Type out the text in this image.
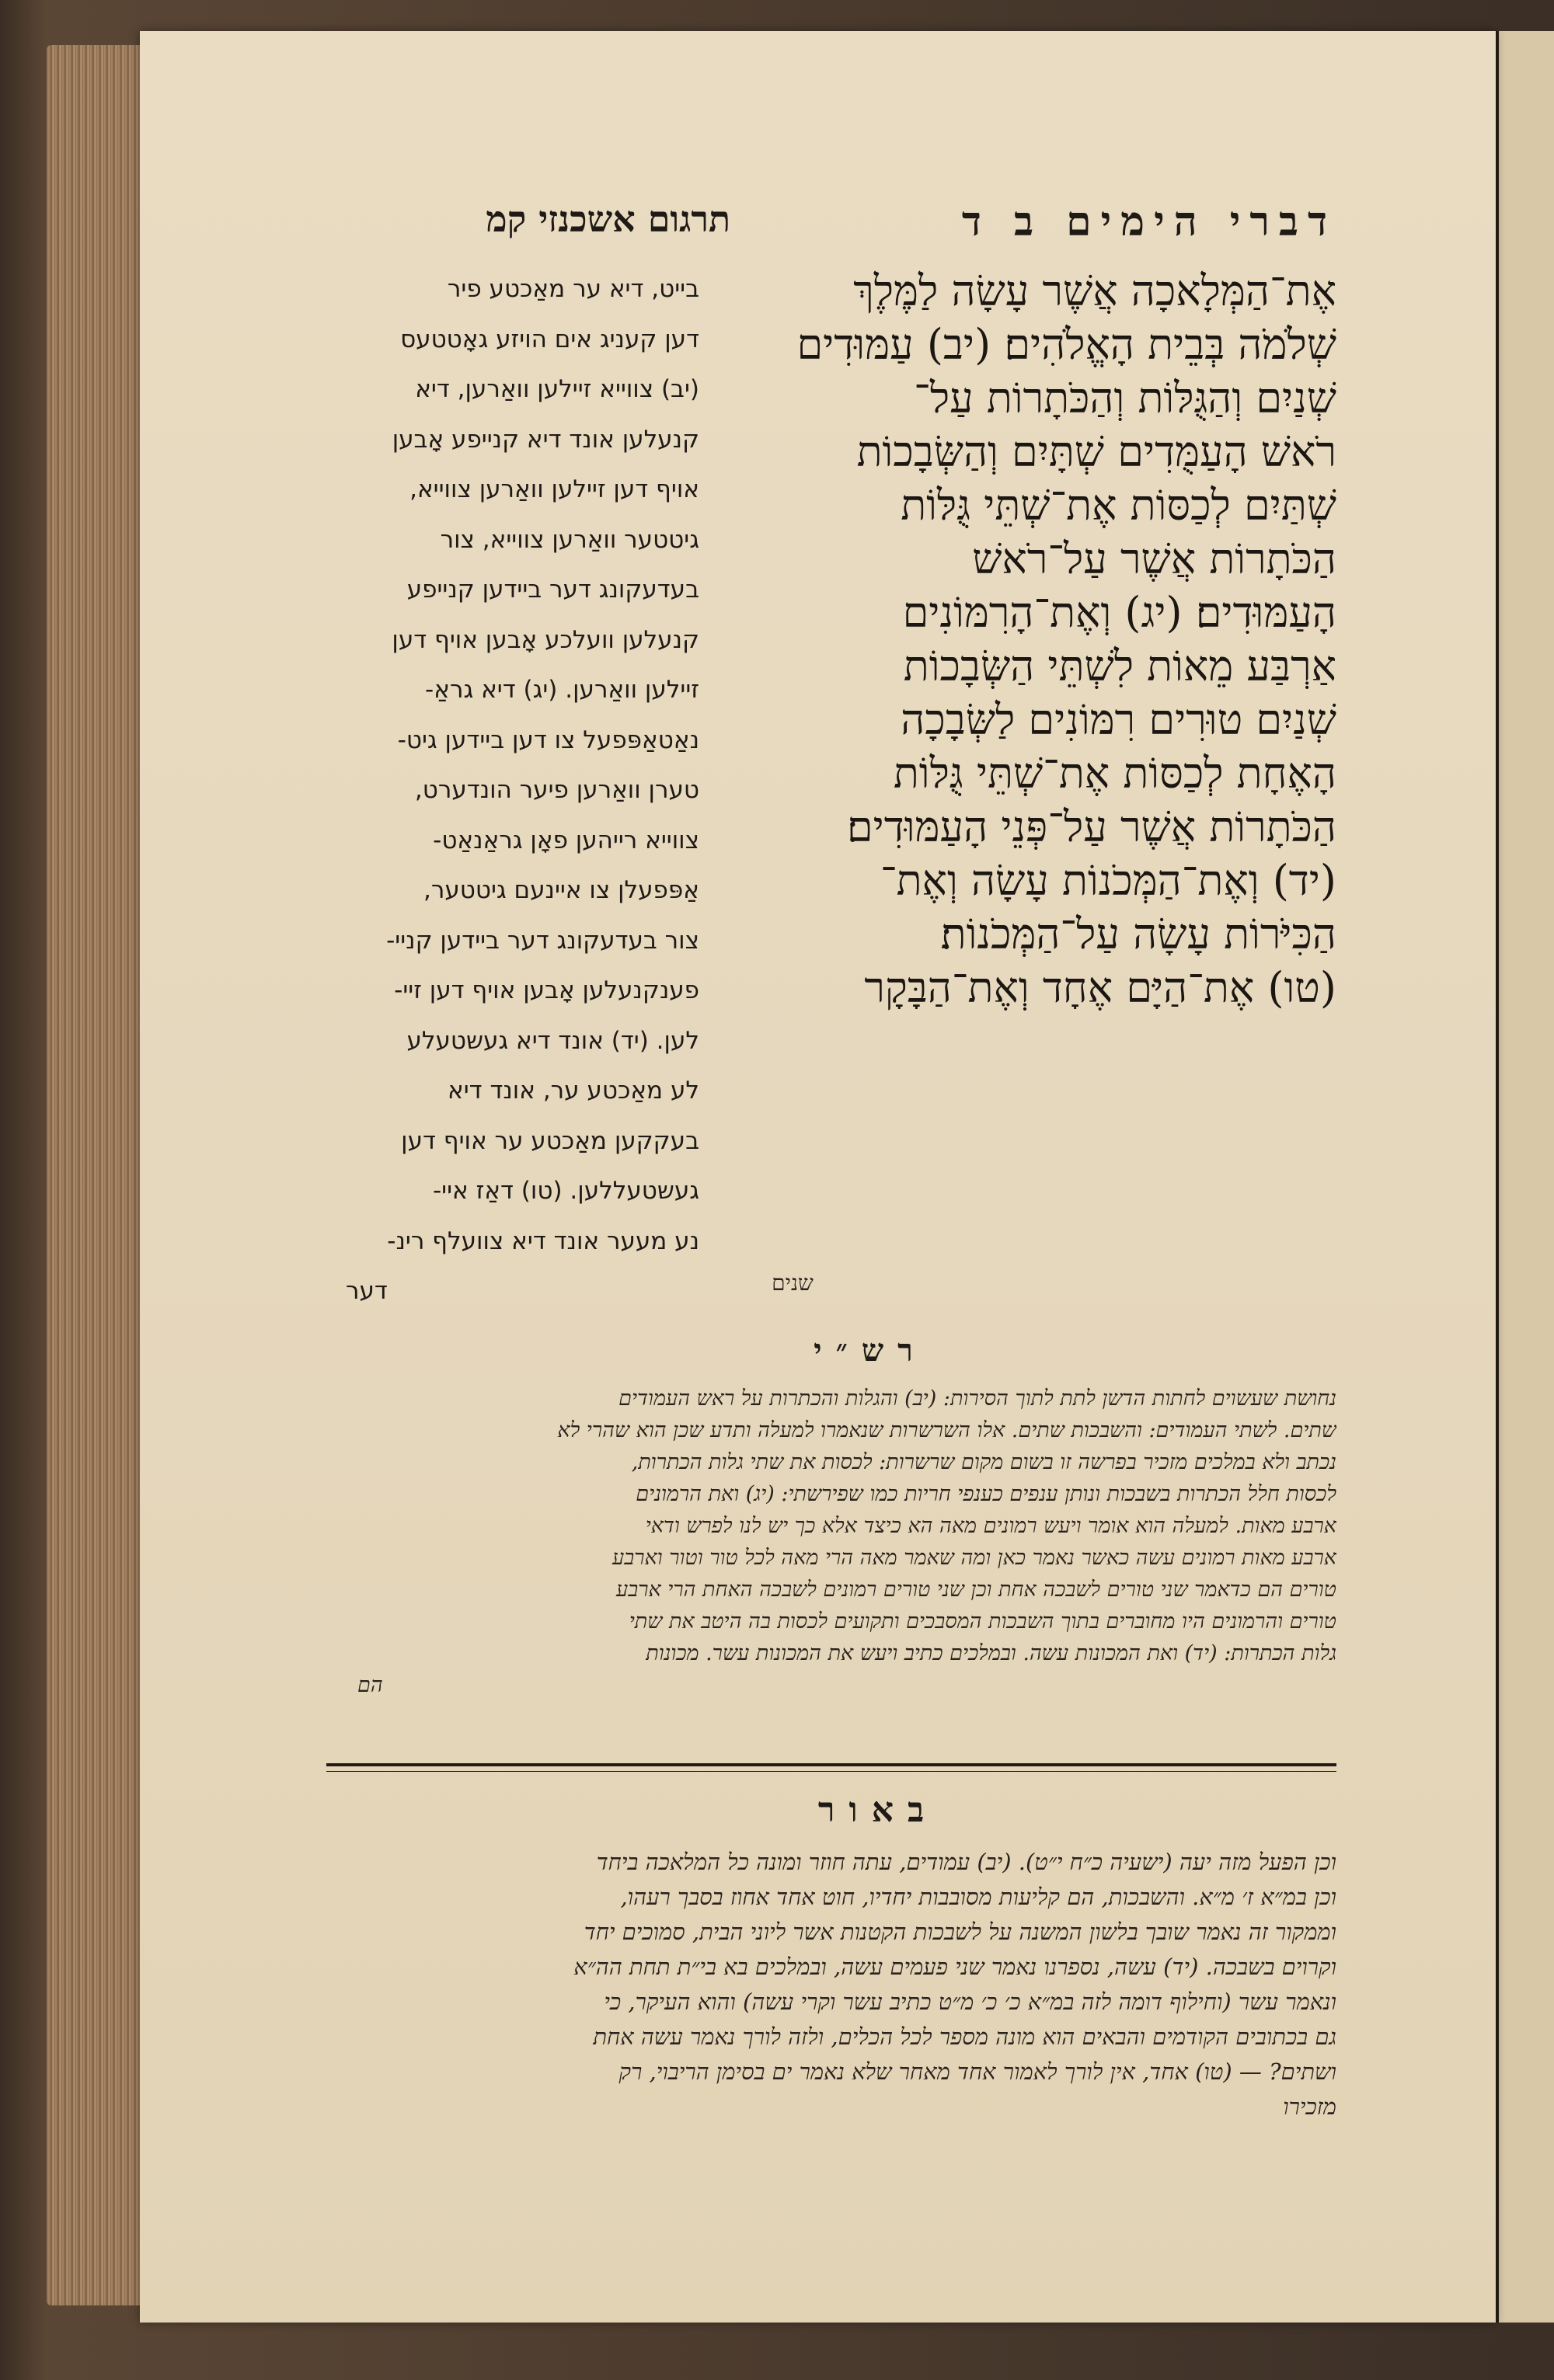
דברי הימים ב ד
תרגום אשכנזי קמ
אֶת־הַמְּלָאכָה אֲשֶׁר עָשָׂה לַמֶּלֶךְ
שְׁלֹמֹה בְּבֵית הָאֱלֹהִים׃ (יב) עַמּוּדִים
שְׁנַיִם וְהַגֻּלּוֹת וְהַכֹּתָרוֹת עַל־
רֹאשׁ הָעַמֻּדִים שְׁתָּיִם וְהַשְּׂבָכוֹת
שְׁתַּיִם לְכַסּוֹת אֶת־שְׁתֵּי גֻּלּוֹת
הַכֹּתָרוֹת אֲשֶׁר עַל־רֹאשׁ
הָעַמּוּדִים׃ (יג) וְאֶת־הָרִמּוֹנִים
אַרְבַּע מֵאוֹת לִשְׁתֵּי הַשְּׂבָכוֹת
שְׁנַיִם טוּרִים רִמּוֹנִים לַשְּׂבָכָה
הָאֶחָת לְכַסּוֹת אֶת־שְׁתֵּי גֻּלּוֹת
הַכֹּתָרוֹת אֲשֶׁר עַל־פְּנֵי הָעַמּוּדִים׃
(יד) וְאֶת־הַמְּכֹנוֹת עָשָׂה וְאֶת־
הַכִּיֹּרוֹת עָשָׂה עַל־הַמְּכֹנוֹת׃
(טו) אֶת־הַיָּם אֶחָד וְאֶת־הַבָּקָר
שנים
בייט, דיא ער מאַכטע פיר
דען קעניג אים הויזע גאָטטעס
(יב) צווייא זיילען וואַרען, דיא
קנעלען אונד דיא קנייפע אָבען
אויף דען זיילען וואַרען צווייא,
גיטטער וואַרען צווייא, צור
בעדעקונג דער ביידען קנייפע
קנעלען וועלכע אָבען אויף דען
זיילען וואַרען. (יג) דיא גראַ-
נאַטאַפּפעל צו דען ביידען גיט-
טערן וואַרען פיער הונדערט,
צווייא רייהען פאָן גראַנאַט-
אַפּפעלן צו איינעם גיטטער,
צור בעדעקונג דער ביידען קניי-
פענקנעלען אָבען אויף דען זיי-
לען. (יד) אונד דיא געשטעלע
לע מאַכטע ער, אונד דיא
בעקקען מאַכטע ער אויף דען
געשטעללען. (טו) דאַז איי-
נע מעער אונד דיא צוועלף רינ-
דער
רש״י
נחושת שעשוים לחתות הדשן לתת לתוך הסירות: (יב) והגלות והכתרות על ראש העמודים
שתים. לשתי העמודים: והשבכות שתים. אלו השרשרות שנאמרו למעלה ותדע שכן הוא שהרי לא
נכתב ולא במלכים מזכיר בפרשה זו בשום מקום שרשרות: לכסות את שתי גלות הכתרות,
לכסות חלל הכתרות בשבכות ונותן ענפים כענפי חריות כמו שפירשתי: (יג) ואת הרמונים
ארבע מאות. למעלה הוא אומר ויעש רמונים מאה הא כיצד אלא כך יש לנו לפרש ודאי
ארבע מאות רמונים עשה כאשר נאמר כאן ומה שאמר מאה הרי מאה לכל טור וטור וארבע
טורים הם כדאמר שני טורים לשבכה אחת וכן שני טורים רמונים לשבכה האחת הרי ארבע
טורים והרמונים היו מחוברים בתוך השבכות המסבכים ותקועים לכסות בה היטב את שתי
גלות הכתרות: (יד) ואת המכונות עשה. ובמלכים כתיב ויעש את המכונות עשר. מכונות
הם
באור
וכן הפעל מזה יעה (ישעיה כ״ח י״ט). (יב) עמודים, עתה חוזר ומונה כל המלאכה ביחד
וכן במ״א ז׳ מ״א. והשבכות, הם קליעות מסובבות יחדיו, חוט אחד אחוז בסבך רעהו,
וממקור זה נאמר שובך בלשון המשנה על לשבכות הקטנות אשר ליוני הבית, סמוכים יחד
וקרוים בשבכה. (יד) עשה, נספרנו נאמר שני פעמים עשה, ובמלכים בא בי״ת תחת הה״א
ונאמר עשר (וחילוף דומה לזה במ״א כ׳ כ׳ מ״ט כתיב עשר וקרי עשה) והוא העיקר, כי
גם בכתובים הקודמים והבאים הוא מונה מספר לכל הכלים, ולזה לורך נאמר עשה אחת
ושתים? — (טו) אחד, אין לורך לאמור אחד מאחר שלא נאמר ים בסימן הריבוי, רק
מזכירו
